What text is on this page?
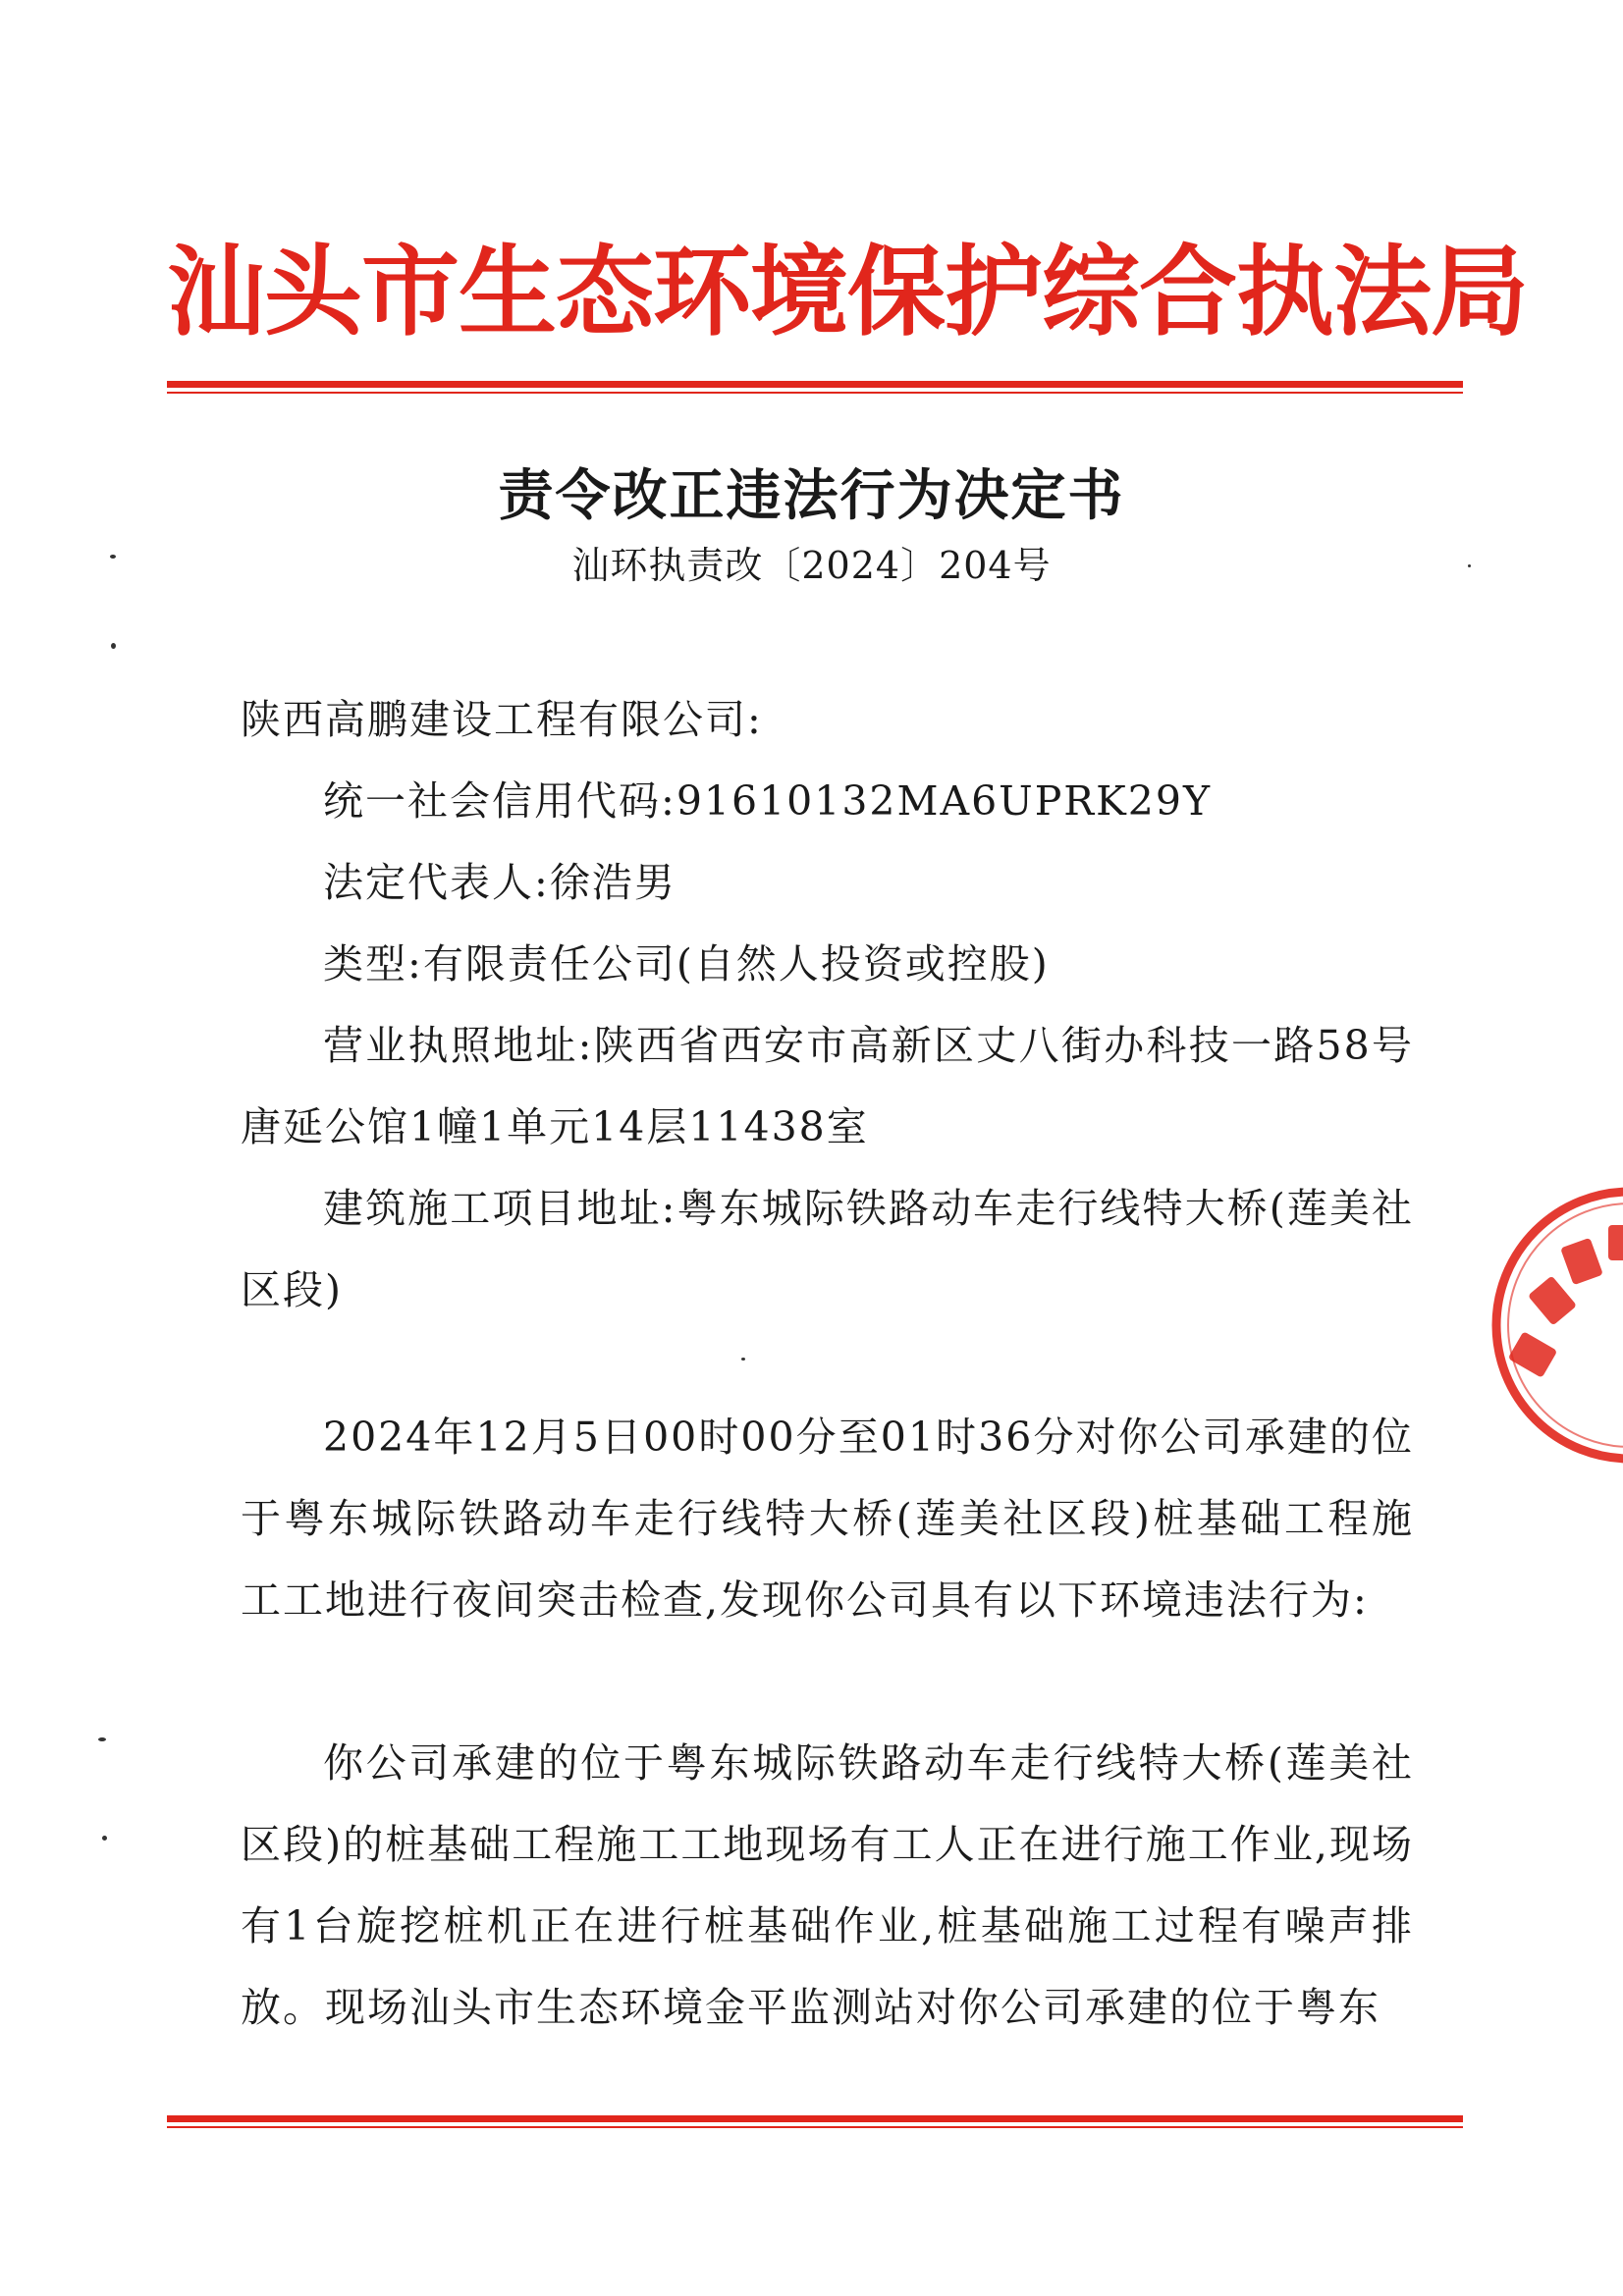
汕头市生态环境保护综合执法局
责令改正违法行为决定书
汕环执责改〔2024〕204号

陕西高鹏建设工程有限公司:

统一社会信用代码:91610132MA6UPRK29Y

法定代表人:徐浩男

类型:有限责任公司(自然人投资或控股)

营业执照地址:陕西省西安市高新区丈八街办科技一路58号唐延公馆1幢1单元14层11438室

建筑施工项目地址:粤东城际铁路动车走行线特大桥(莲美社区段)

2024年12月5日00时00分至01时36分对你公司承建的位于粤东城际铁路动车走行线特大桥(莲美社区段)桩基础工程施工工地进行夜间突击检查,发现你公司具有以下环境违法行为:

你公司承建的位于粤东城际铁路动车走行线特大桥(莲美社区段)的桩基础工程施工工地现场有工人正在进行施工作业,现场有1台旋挖桩机正在进行桩基础作业,桩基础施工过程有噪声排放。现场汕头市生态环境金平监测站对你公司承建的位于粤东
